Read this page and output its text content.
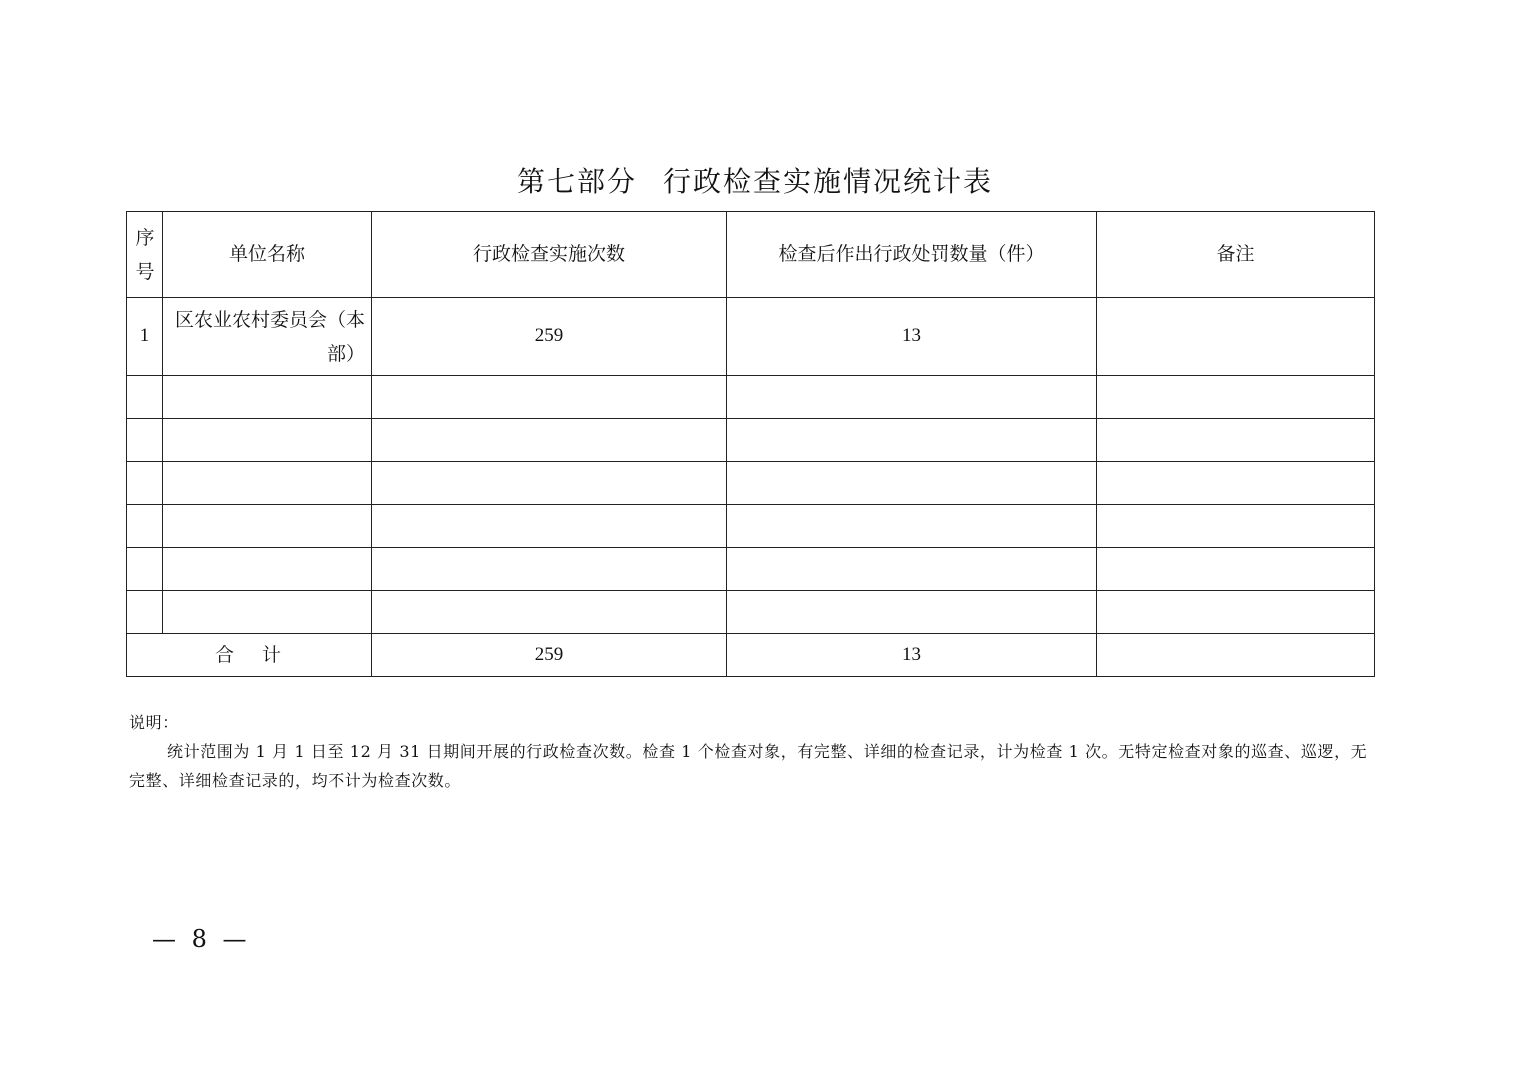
第七部分 行政检查实施情况统计表
序号	单位名称	行政检查实施次数	检查后作出行政处罚数量（件）	备注
1	区农业农村委员会（本部）	259	13	

合 计		259	13	
说明：
统计范围为 1 月 1 日至 12 月 31 日期间开展的行政检查次数。检查 1 个检查对象，有完整、详细的检查记录，计为检查 1 次。无特定检查对象的巡查、巡逻，无完整、详细检查记录的，均不计为检查次数。
— 8 —
